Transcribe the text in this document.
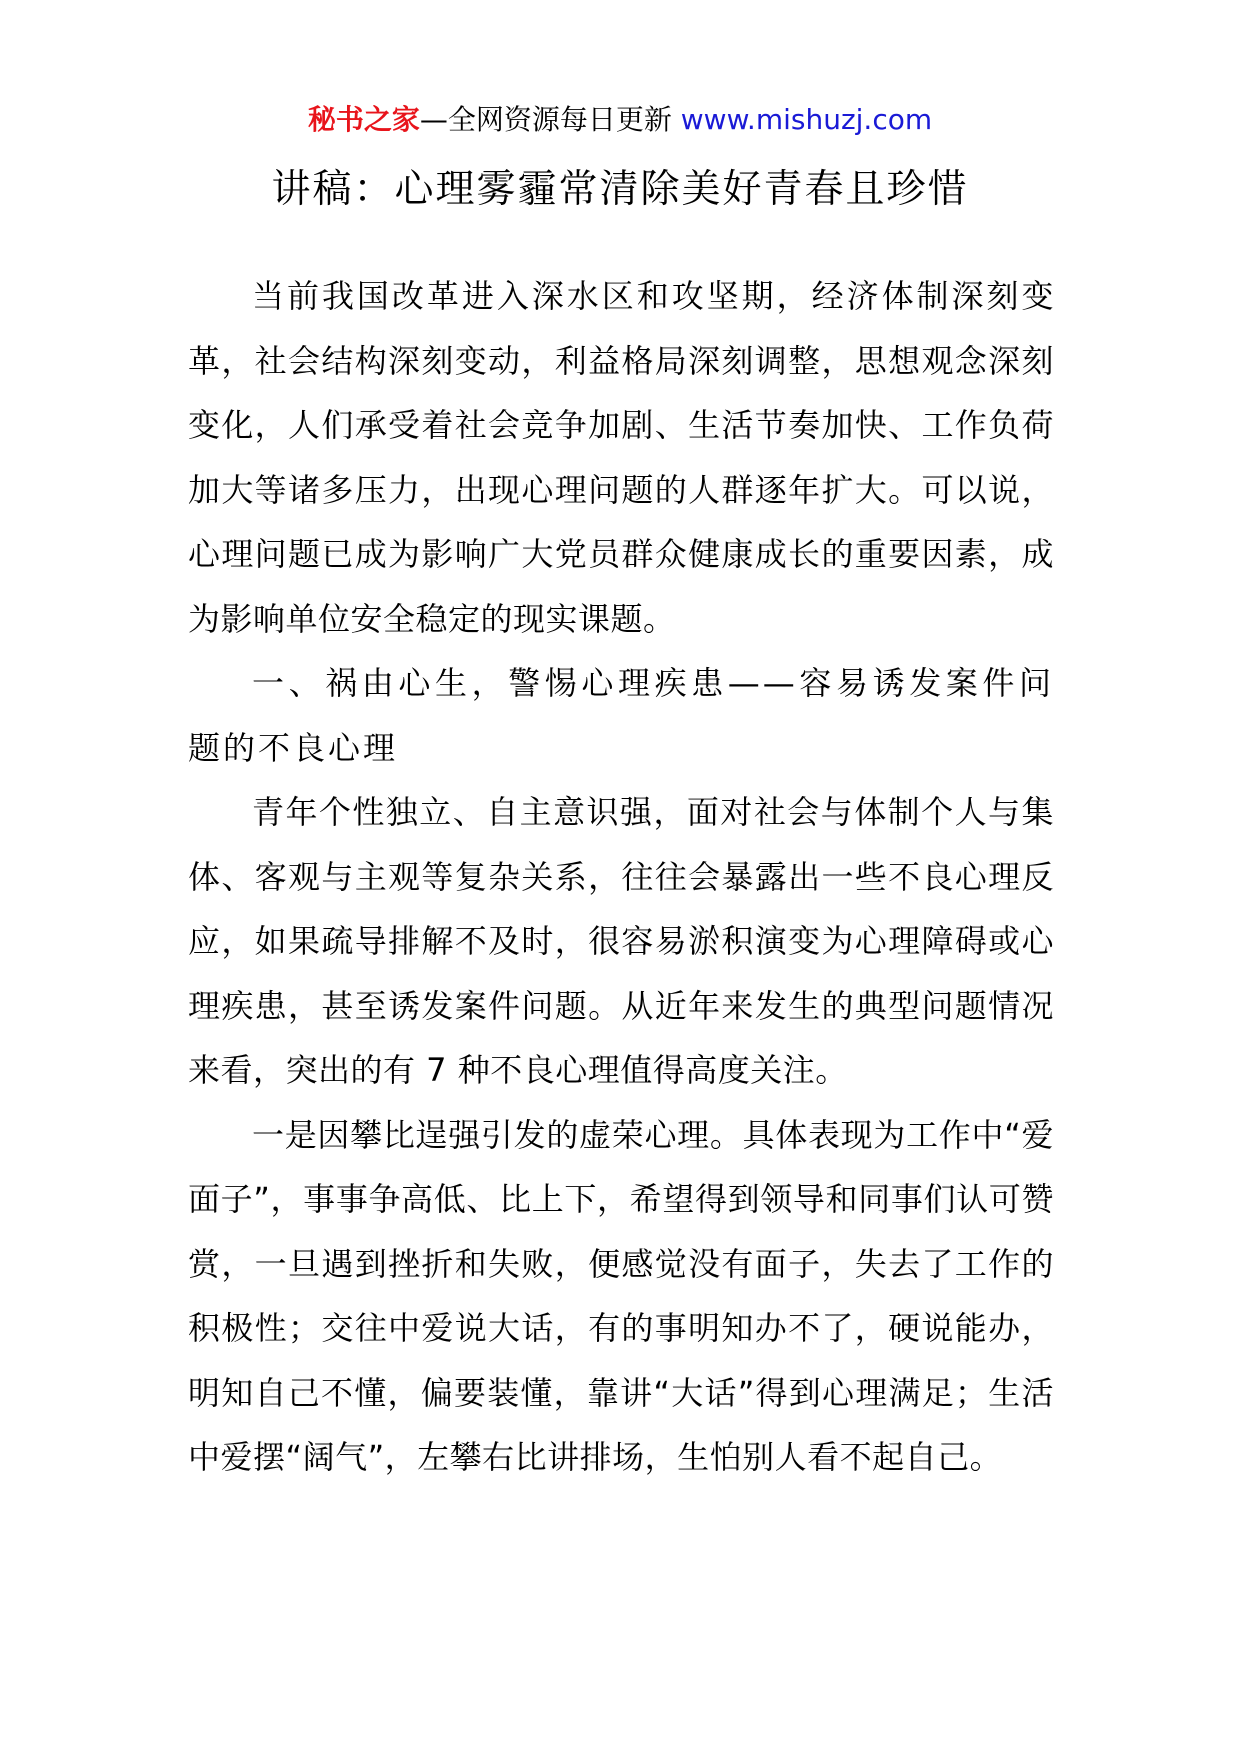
秘书之家—全网资源每日更新 www.mishuzj.com
讲稿：心理雾霾常清除美好青春且珍惜

当前我国改革进入深水区和攻坚期，经济体制深刻变革，社会结构深刻变动，利益格局深刻调整，思想观念深刻变化，人们承受着社会竞争加剧、生活节奏加快、工作负荷加大等诸多压力，出现心理问题的人群逐年扩大。可以说，心理问题已成为影响广大党员群众健康成长的重要因素，成为影响单位安全稳定的现实课题。

一、祸由心生，警惕心理疾患——容易诱发案件问题的不良心理

青年个性独立、自主意识强，面对社会与体制个人与集体、客观与主观等复杂关系，往往会暴露出一些不良心理反应，如果疏导排解不及时，很容易淤积演变为心理障碍或心理疾患，甚至诱发案件问题。从近年来发生的典型问题情况来看，突出的有 7 种不良心理值得高度关注。

一是因攀比逞强引发的虚荣心理。具体表现为工作中“爱面子”，事事争高低、比上下，希望得到领导和同事们认可赞赏，一旦遇到挫折和失败，便感觉没有面子，失去了工作的积极性；交往中爱说大话，有的事明知办不了，硬说能办，明知自己不懂，偏要装懂，靠讲“大话”得到心理满足；生活中爱摆“阔气”，左攀右比讲排场，生怕别人看不起自己。
